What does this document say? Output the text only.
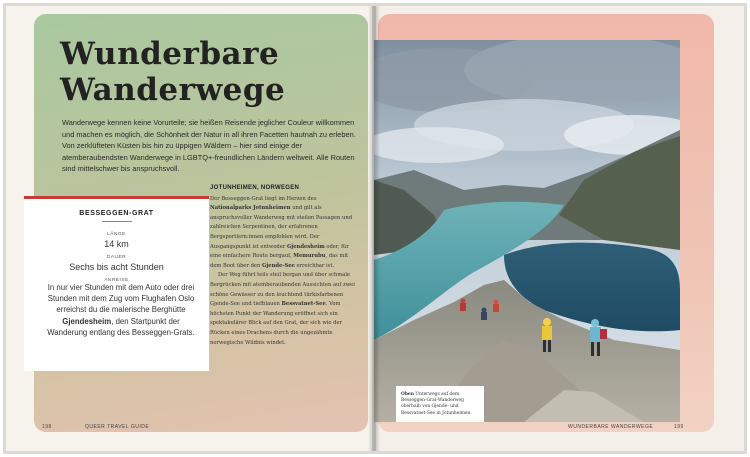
Wunderbare
Wanderwege
Wanderwege kennen keine Vorurteile; sie heißen Reisende jeglicher Couleur willkommen und machen es möglich, die Schönheit der Natur in all ihren Facetten hautnah zu erleben. Von zerklüfteten Küsten bis hin zu üppigen Wäldern – hier sind einige der atemberaubendsten Wanderwege in LGBTQ+-freundlichen Ländern weltweit. Alle Routen sind mittelschwer bis anspruchsvoll.
BESSEGGEN-GRAT
LÄNGE
14 km
DAUER
Sechs bis acht Stunden
ANREISE
In nur vier Stunden mit dem Auto oder drei Stunden mit dem Zug vom Flughafen Oslo erreichst du die malerische Berghütte Gjendesheim, den Startpunkt der Wanderung entlang des Besseggen-Grats.
JOTUNHEIMEN, NORWEGEN

Der Besseggen-Grat liegt im Herzen des Nationalparks Jotunheimen und gilt als anspruchsvoller Wanderweg mit steilen Passagen und zahlreichen Serpentinen, der erfahrenen Bergsportlern:innen empfohlen wird. Der Ausgangspunkt ist entweder Gjendesheim oder, für eine einfachere Route bergauf, Memurubu, das mit dem Boot über den Gjende-See erreichbar ist.

Der Weg führt teils steil bergan und über schmale Bergrücken mit atemberaubenden Aussichten auf zwei schöne Gewässer zu den leuchtend türkisfarbenen Gjende-See und tiefblauen Bessvatnet-See. Vom höchsten Punkt der Wanderung eröffnet sich ein spektakulärer Blick auf den Grat, der sich wie der Rücken eines Drachens durch die ungezähmte norwegische Wildnis windet.

Oben Unterwegs auf dem Besseggen-Grat-Wanderweg oberhalb von Gjende- und Bessvatnet-See in Jotunheimen.
198	QUEER TRAVEL GUIDE	WUNDERBARE WANDERWEGE	199
